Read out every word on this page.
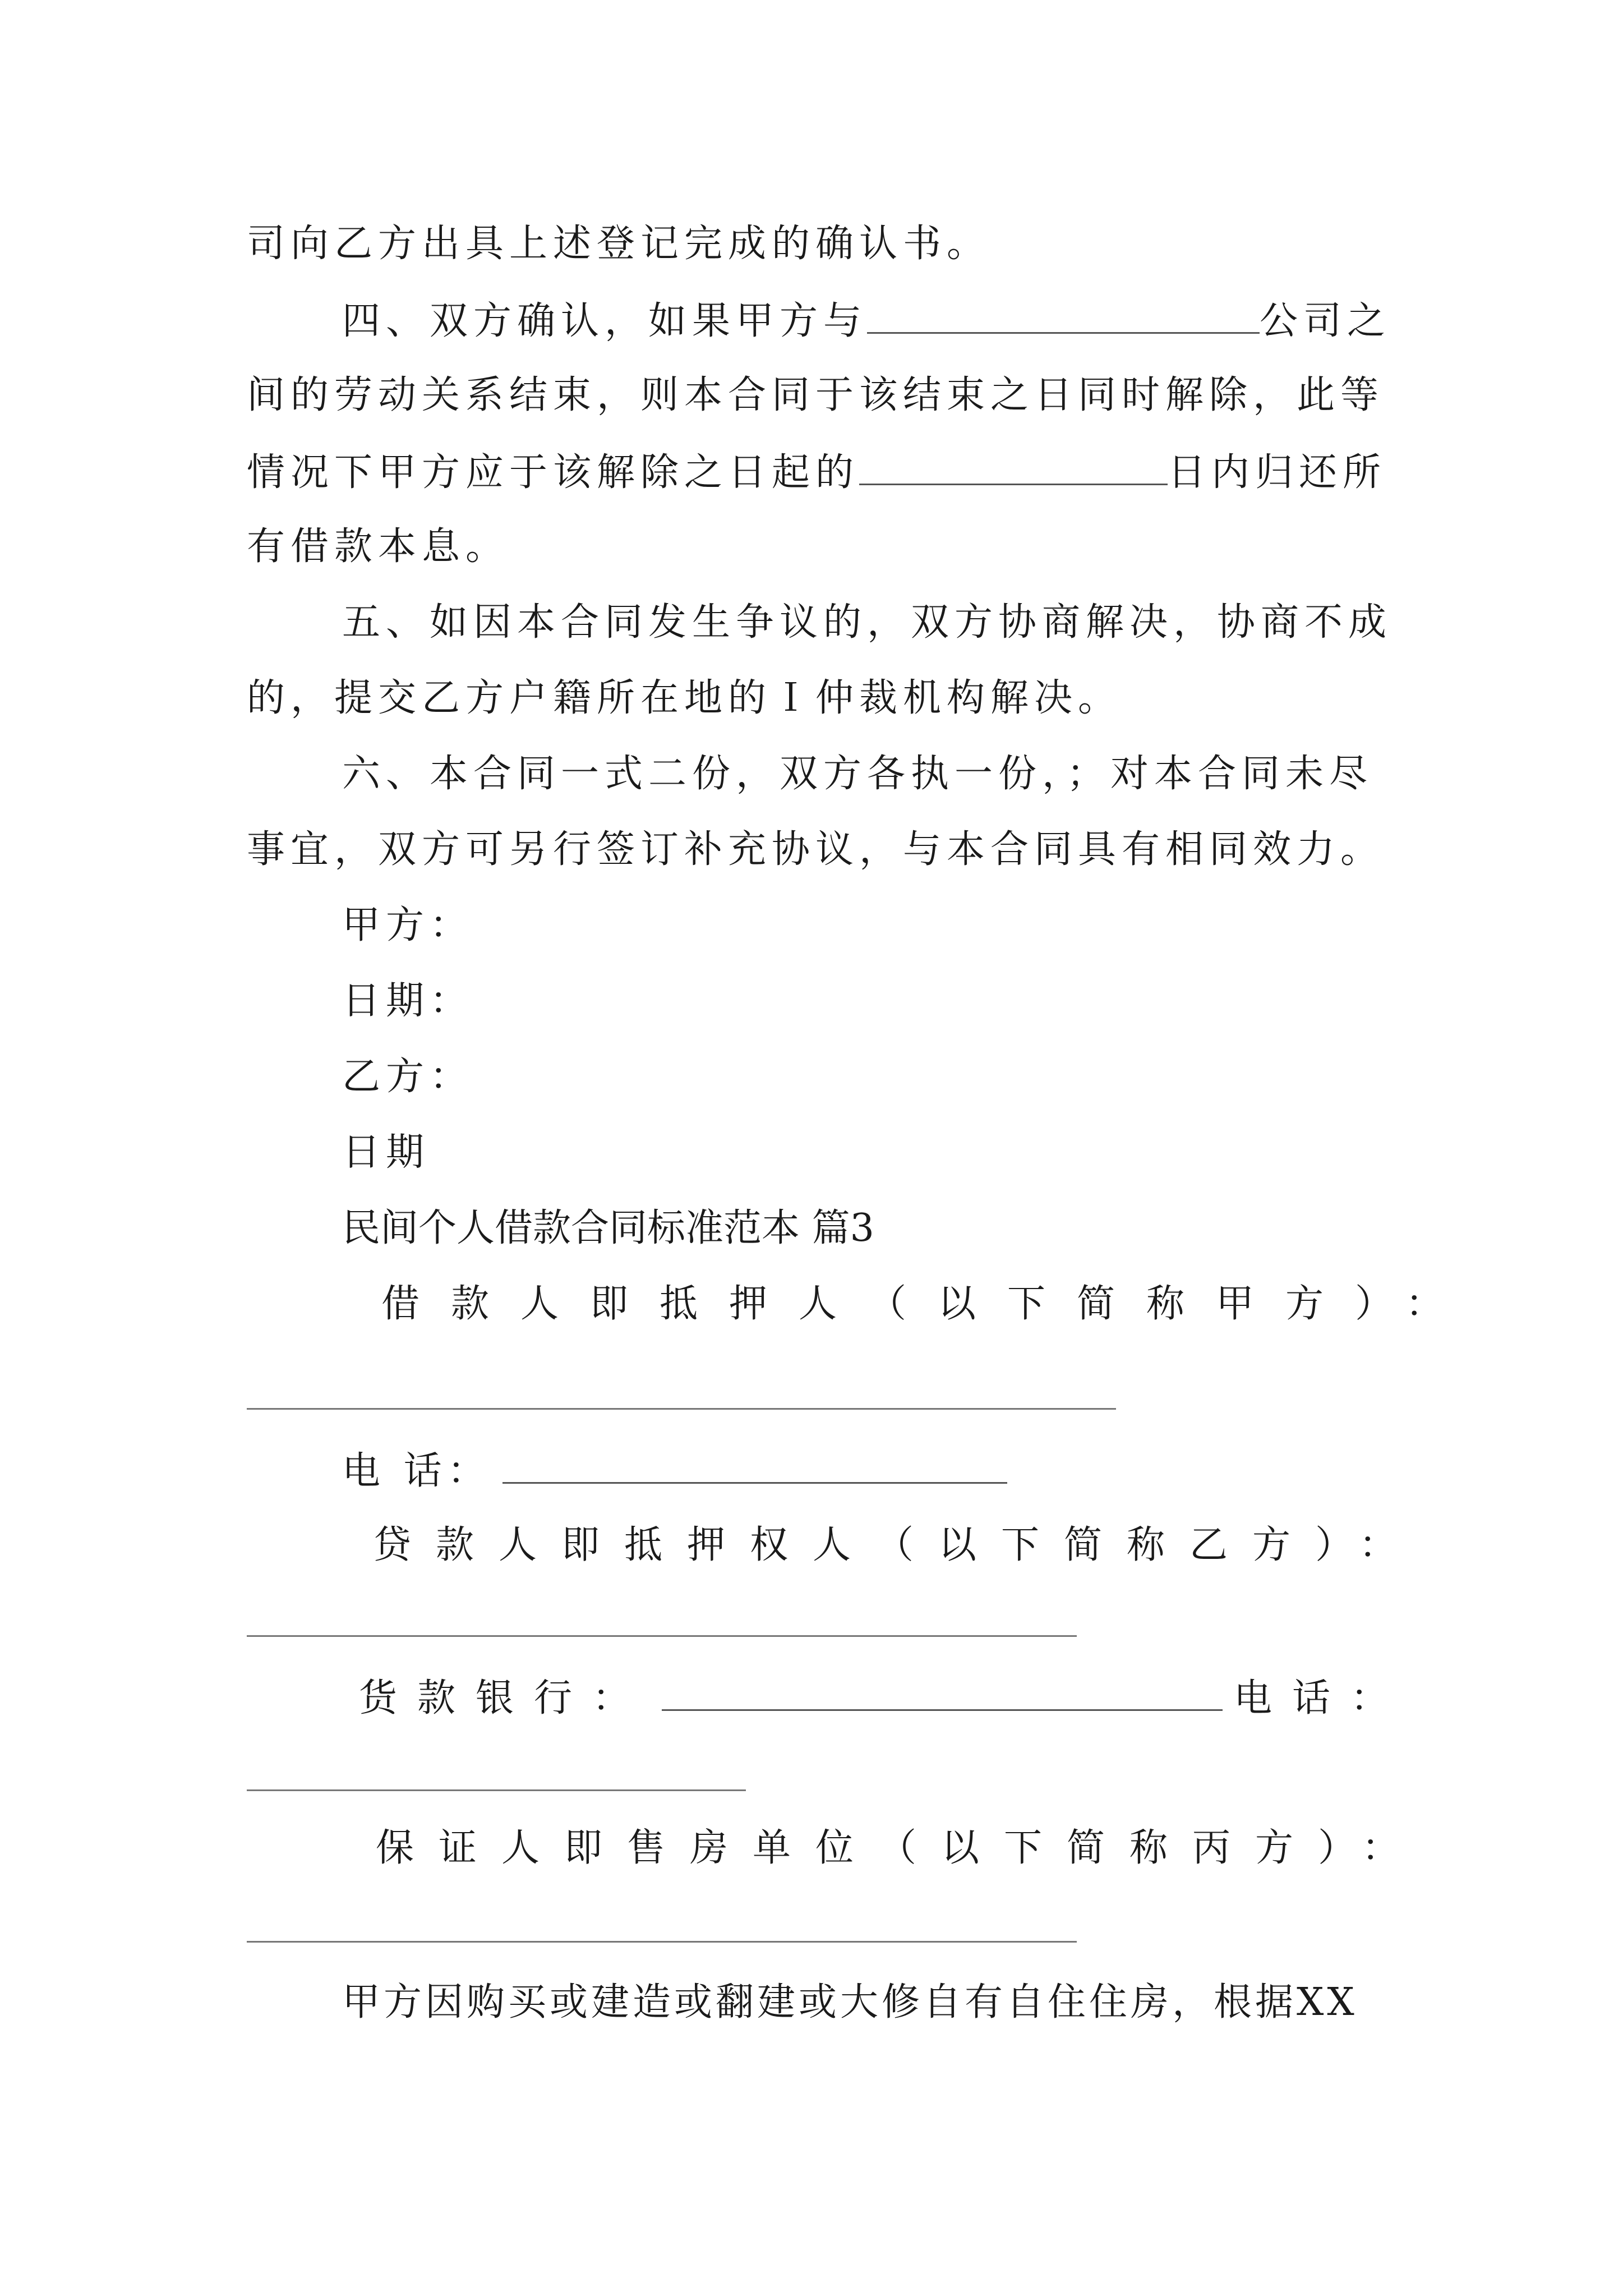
司向乙方出具上述登记完成的确认书。
四、双方确认，如果甲方与	公司之
间的劳动关系结束，则本合同于该结束之日同时解除，此等
情况下甲方应于该解除之日起的	日内归还所
有借款本息。
五、如因本合同发生争议的，双方协商解决，协商不成
的，提交乙方户籍所在地的Ｉ仲裁机构解决。
六、本合同一式二份，双方各执一份，；对本合同未尽
事宜，双方可另行签订补充协议，与本合同具有相同效力。
甲方：
日期：
乙方：
日期
民间个人借款合同标准范本 篇3
借款人即抵押人（以下简称甲方）：
电 话：
贷款人即抵押权人（以下简称乙方）：
货款银行：	电话：
保证人即售房单位（以下简称丙方）：
甲方因购买或建造或翻建或大修自有自住住房，根据XX
